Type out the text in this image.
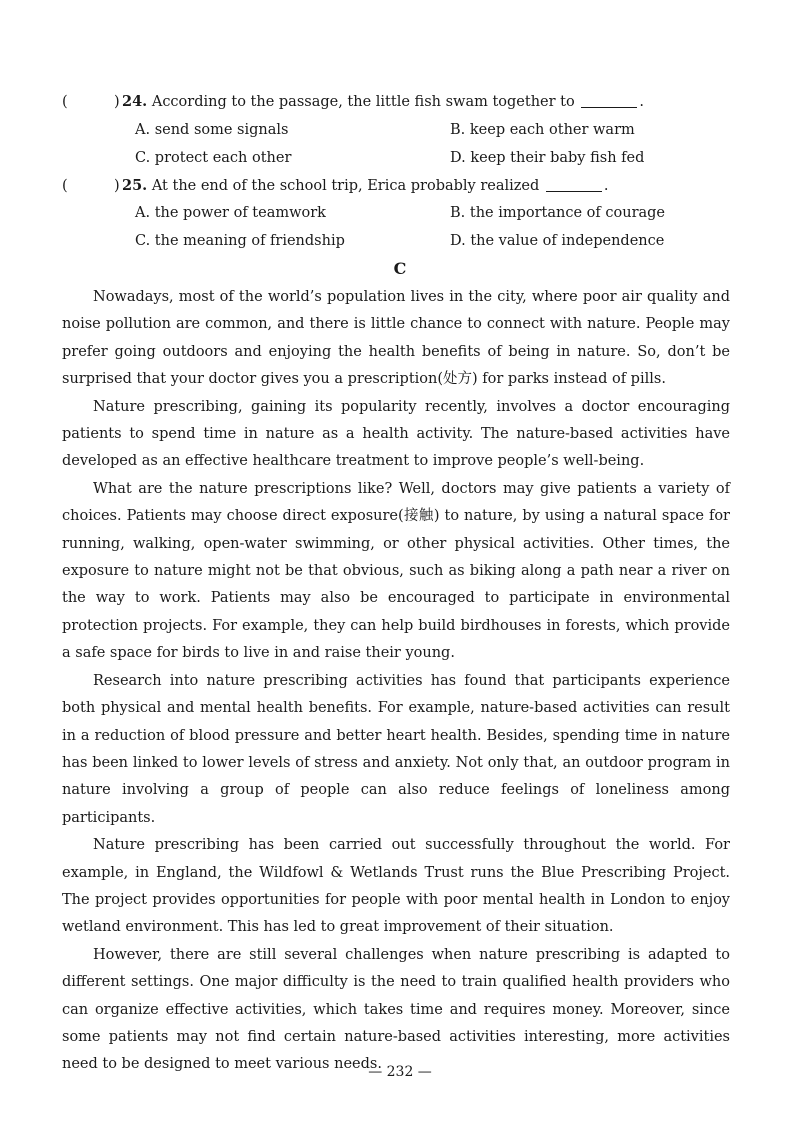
(	) 24. According to the passage, the little fish swam together to	.
A. send some signals	B. keep each other warm
C. protect each other	D. keep their baby fish fed
(	) 25. At the end of the school trip, Erica probably realized	.
A. the power of teamwork	B. the importance of courage
C. the meaning of friendship	D. the value of independence
C

Nowadays, most of the world’s population lives in the city, where poor air quality and noise pollution are common, and there is little chance to connect with nature. People may prefer going outdoors and enjoying the health benefits of being in nature. So, don’t be surprised that your doctor gives you a prescription(处方) for parks instead of pills.

Nature prescribing, gaining its popularity recently, involves a doctor encouraging patients to spend time in nature as a health activity. The nature-based activities have developed as an effective healthcare treatment to improve people’s well-being.

What are the nature prescriptions like? Well, doctors may give patients a variety of choices. Patients may choose direct exposure(接触) to nature, by using a natural space for running, walking, open-water swimming, or other physical activities. Other times, the exposure to nature might not be that obvious, such as biking along a path near a river on the way to work. Patients may also be encouraged to participate in environmental protection projects. For example, they can help build birdhouses in forests, which provide a safe space for birds to live in and raise their young.

Research into nature prescribing activities has found that participants experience both physical and mental health benefits. For example, nature-based activities can result in a reduction of blood pressure and better heart health. Besides, spending time in nature has been linked to lower levels of stress and anxiety. Not only that, an outdoor program in nature involving a group of people can also reduce feelings of loneliness among participants.

Nature prescribing has been carried out successfully throughout the world. For example, in England, the Wildfowl & Wetlands Trust runs the Blue Prescribing Project. The project provides opportunities for people with poor mental health in London to enjoy wetland environment. This has led to great improvement of their situation.

However, there are still several challenges when nature prescribing is adapted to different settings. One major difficulty is the need to train qualified health providers who can organize effective activities, which takes time and requires money. Moreover, since some patients may not find certain nature-based activities interesting, more activities need to be designed to meet various needs.

— 232 —
